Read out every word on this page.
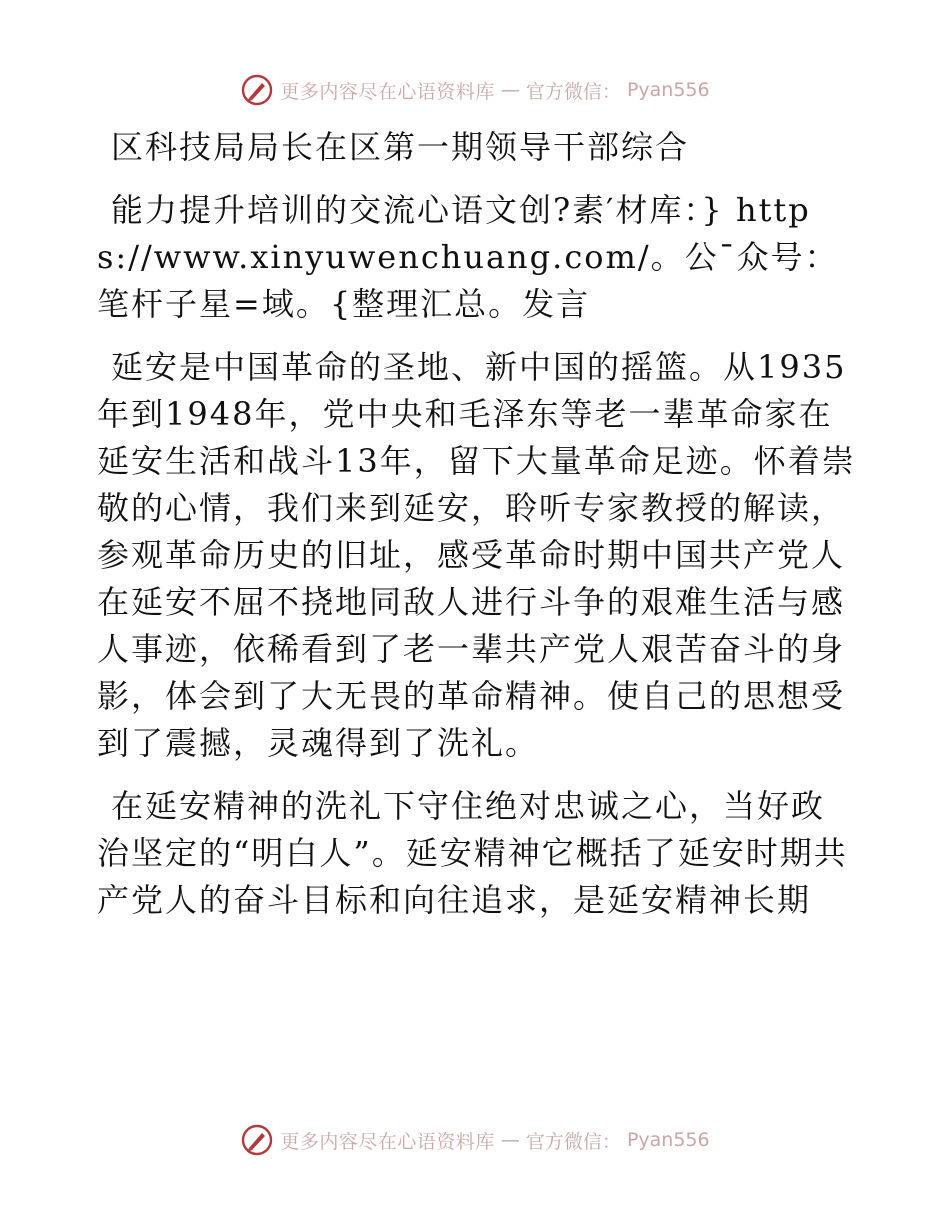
更多内容尽在心语资料库 — 官方微信： Pyan556

区科技局局长在区第一期领导干部综合

能力提升培训的交流心语文创?素′材库：} https://www.xinyuwenchuang.com/。公¯众号：笔杆子星=域。{整理汇总。发言

延安是中国革命的圣地、新中国的摇篮。从1935年到1948年，党中央和毛泽东等老一辈革命家在延安生活和战斗13年，留下大量革命足迹。怀着崇敬的心情，我们来到延安，聆听专家教授的解读，参观革命历史的旧址，感受革命时期中国共产党人在延安不屈不挠地同敌人进行斗争的艰难生活与感人事迹，依稀看到了老一辈共产党人艰苦奋斗的身影，体会到了大无畏的革命精神。使自己的思想受到了震撼，灵魂得到了洗礼。

在延安精神的洗礼下守住绝对忠诚之心，当好政治坚定的“明白人”。延安精神它概括了延安时期共产党人的奋斗目标和向往追求，是延安精神长期

更多内容尽在心语资料库 — 官方微信： Pyan556
